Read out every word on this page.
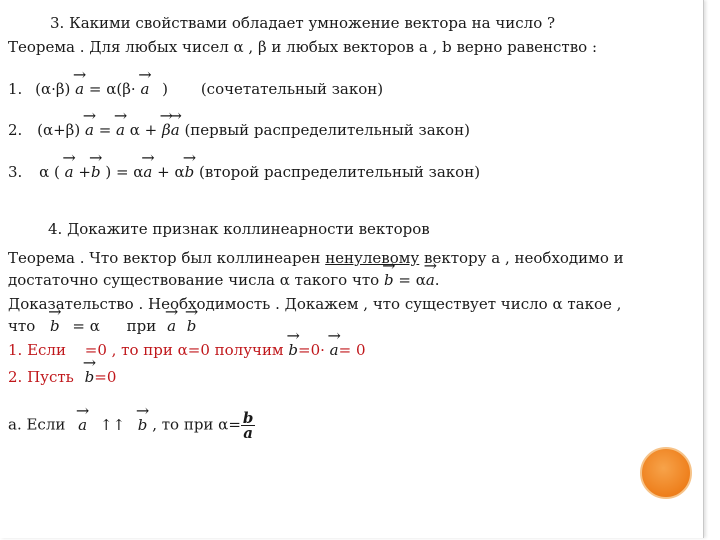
3. Какими свойствами обладает умножение вектора на число ?
Теорема . Для любых чисел α , β и любых векторов a , b верно равенство :
1. (α·β) → a = α(β· → a ) (сочетательный закон)
2. (α+β) → a = → a α + → β→ a (первый распределительный закон)
3. α ( → a +→ b ) = α→ a + α→ b (второй распределительный закон)
4. Докажите признак коллинеарности векторов
Теорема . Что вектор был коллинеарен ненулевому вектору а , необходимо и
достаточно существование числа α такого что → b = α→ a.
Доказательство . Необходимость . Докажем , что существует число α такое ,
что → b = α при → a → b
1. Если =0 , то при α=0 получим → b=0· → a= 0
2. Пусть → b=0
а. Если → a ↑↑ → b , то при $\alpha= \frac{b}{a}$
